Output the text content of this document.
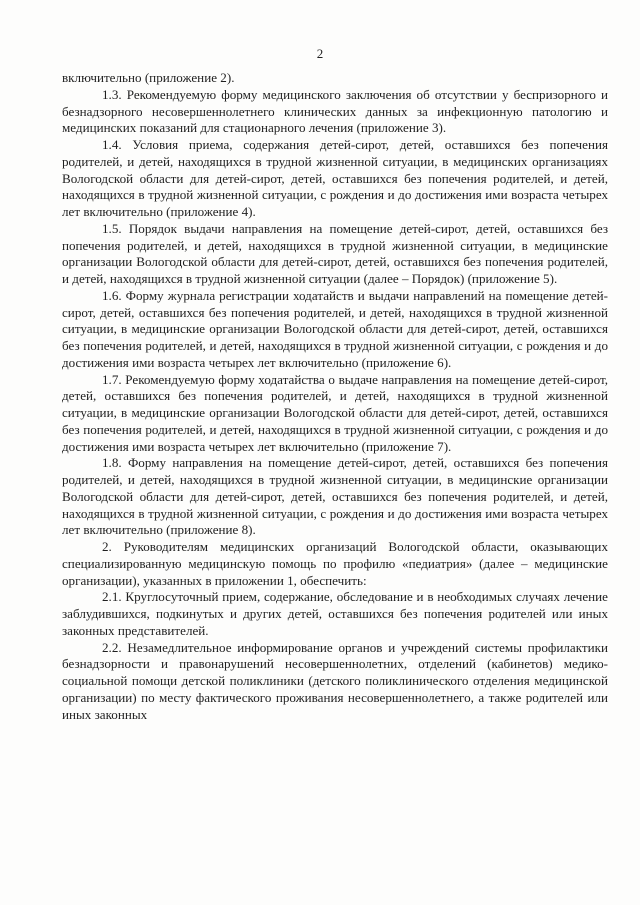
2

включительно (приложение 2).

1.3. Рекомендуемую форму медицинского заключения об отсутствии у беспризорного и безнадзорного несовершеннолетнего клинических данных за инфекционную патологию и медицинских показаний для стационарного лечения (приложение 3).

1.4. Условия приема, содержания детей-сирот, детей, оставшихся без попечения родителей, и детей, находящихся в трудной жизненной ситуации, в медицинских организациях Вологодской области для детей-сирот, детей, оставшихся без попечения родителей, и детей, находящихся в трудной жизненной ситуации, с рождения и до достижения ими возраста четырех лет включительно (приложение 4).

1.5. Порядок выдачи направления на помещение детей-сирот, детей, оставшихся без попечения родителей, и детей, находящихся в трудной жизненной ситуации, в медицинские организации Вологодской области для детей-сирот, детей, оставшихся без попечения родителей, и детей, находящихся в трудной жизненной ситуации (далее – Порядок) (приложение 5).

1.6. Форму журнала регистрации ходатайств и выдачи направлений на помещение детей-сирот, детей, оставшихся без попечения родителей, и детей, находящихся в трудной жизненной ситуации, в медицинские организации Вологодской области для детей-сирот, детей, оставшихся без попечения родителей, и детей, находящихся в трудной жизненной ситуации, с рождения и до достижения ими возраста четырех лет включительно (приложение 6).

1.7. Рекомендуемую форму ходатайства о выдаче направления на помещение детей-сирот, детей, оставшихся без попечения родителей, и детей, находящихся в трудной жизненной ситуации, в медицинские организации Вологодской области для детей-сирот, детей, оставшихся без попечения родителей, и детей, находящихся в трудной жизненной ситуации, с рождения и до достижения ими возраста четырех лет включительно (приложение 7).

1.8. Форму направления на помещение детей-сирот, детей, оставшихся без попечения родителей, и детей, находящихся в трудной жизненной ситуации, в медицинские организации Вологодской области для детей-сирот, детей, оставшихся без попечения родителей, и детей, находящихся в трудной жизненной ситуации, с рождения и до достижения ими возраста четырех лет включительно (приложение 8).

2. Руководителям медицинских организаций Вологодской области, оказывающих специализированную медицинскую помощь по профилю «педиатрия» (далее – медицинские организации), указанных в приложении 1, обеспечить:

2.1. Круглосуточный прием, содержание, обследование и в необходимых случаях лечение заблудившихся, подкинутых и других детей, оставшихся без попечения родителей или иных законных представителей.

2.2. Незамедлительное информирование органов и учреждений системы профилактики безнадзорности и правонарушений несовершеннолетних, отделений (кабинетов) медико-социальной помощи детской поликлиники (детского поликлинического отделения медицинской организации) по месту фактического проживания несовершеннолетнего, а также родителей или иных законных
